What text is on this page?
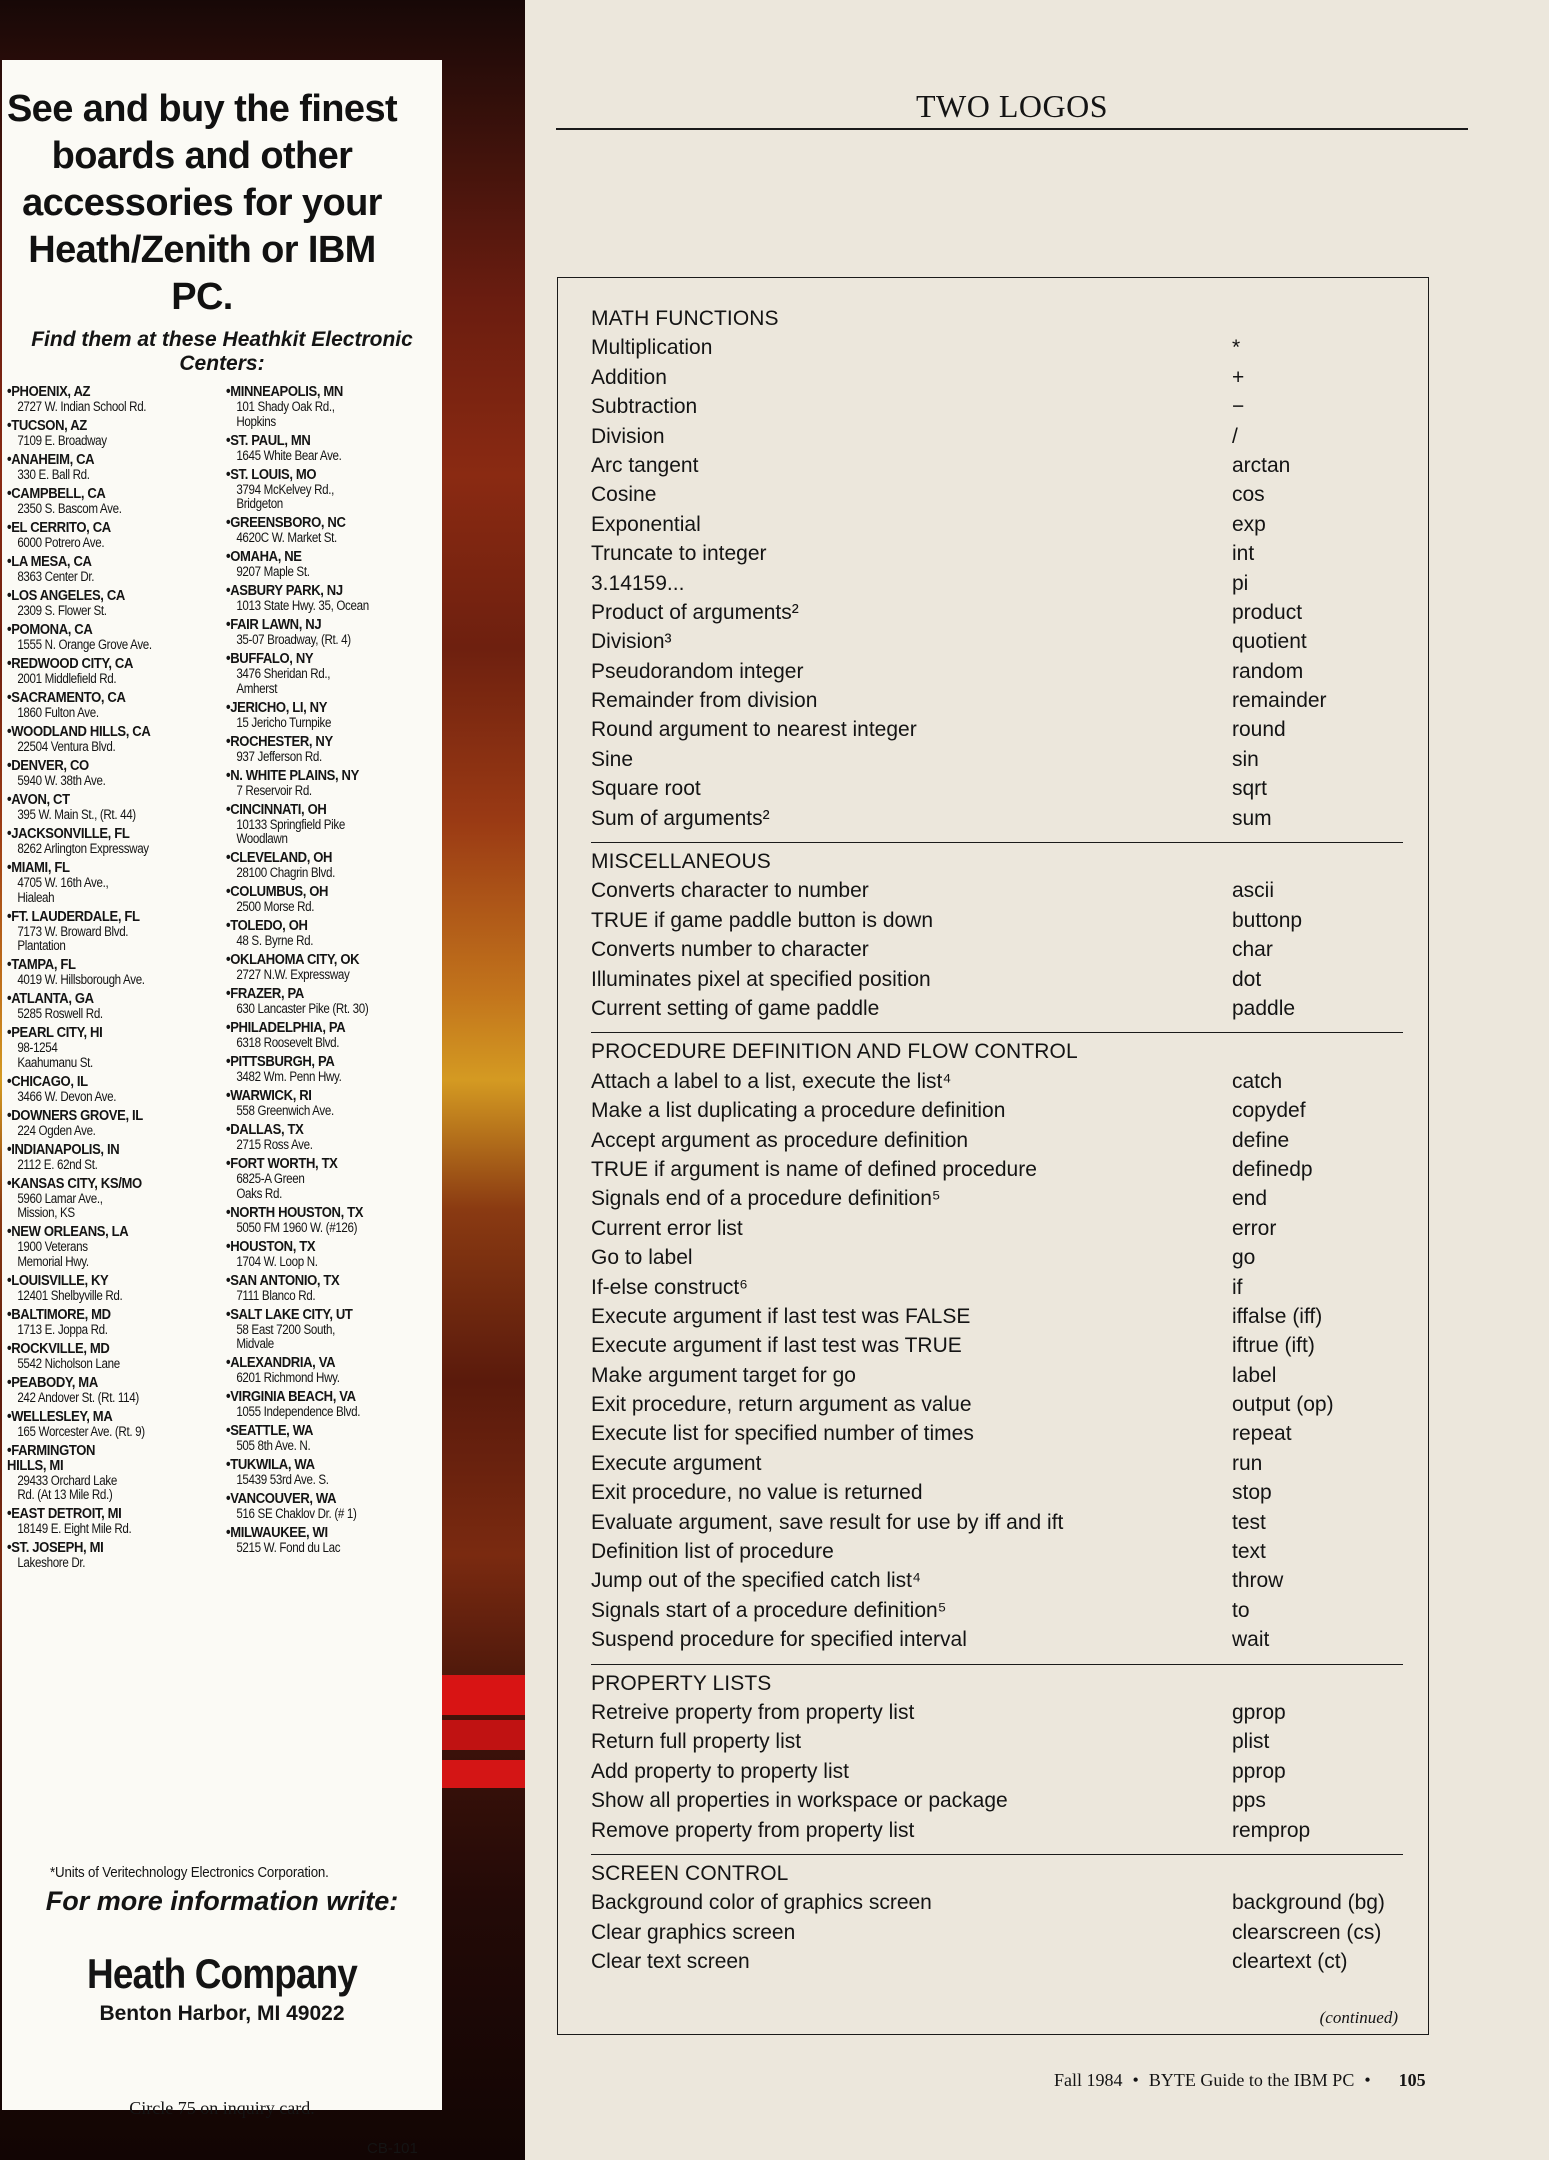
See and buy the finest boards and other accessories for your Heath/Zenith or IBM PC.
Find them at these Heathkit Electronic Centers:
•PHOENIX, AZ
2727 W. Indian School Rd.
•TUCSON, AZ
7109 E. Broadway
•ANAHEIM, CA
330 E. Ball Rd.
•CAMPBELL, CA
2350 S. Bascom Ave.
•EL CERRITO, CA
6000 Potrero Ave.
•LA MESA, CA
8363 Center Dr.
•LOS ANGELES, CA
2309 S. Flower St.
•POMONA, CA
1555 N. Orange Grove Ave.
•REDWOOD CITY, CA
2001 Middlefield Rd.
•SACRAMENTO, CA
1860 Fulton Ave.
•WOODLAND HILLS, CA
22504 Ventura Blvd.
•DENVER, CO
5940 W. 38th Ave.
•AVON, CT
395 W. Main St., (Rt. 44)
•JACKSONVILLE, FL
8262 Arlington Expressway
•MIAMI, FL
4705 W. 16th Ave.,
Hialeah
•FT. LAUDERDALE, FL
7173 W. Broward Blvd.
Plantation
•TAMPA, FL
4019 W. Hillsborough Ave.
•ATLANTA, GA
5285 Roswell Rd.
•PEARL CITY, HI
98-1254
Kaahumanu St.
•CHICAGO, IL
3466 W. Devon Ave.
•DOWNERS GROVE, IL
224 Ogden Ave.
•INDIANAPOLIS, IN
2112 E. 62nd St.
•KANSAS CITY, KS/MO
5960 Lamar Ave.,
Mission, KS
•NEW ORLEANS, LA
1900 Veterans
Memorial Hwy.
•LOUISVILLE, KY
12401 Shelbyville Rd.
•BALTIMORE, MD
1713 E. Joppa Rd.
•ROCKVILLE, MD
5542 Nicholson Lane
•PEABODY, MA
242 Andover St. (Rt. 114)
•WELLESLEY, MA
165 Worcester Ave. (Rt. 9)
•FARMINGTON
HILLS, MI
29433 Orchard Lake
Rd. (At 13 Mile Rd.)
•EAST DETROIT, MI
18149 E. Eight Mile Rd.
•ST. JOSEPH, MI
Lakeshore Dr.
•MINNEAPOLIS, MN
101 Shady Oak Rd.,
Hopkins
•ST. PAUL, MN
1645 White Bear Ave.
•ST. LOUIS, MO
3794 McKelvey Rd.,
Bridgeton
•GREENSBORO, NC
4620C W. Market St.
•OMAHA, NE
9207 Maple St.
•ASBURY PARK, NJ
1013 State Hwy. 35, Ocean
•FAIR LAWN, NJ
35-07 Broadway, (Rt. 4)
•BUFFALO, NY
3476 Sheridan Rd.,
Amherst
•JERICHO, LI, NY
15 Jericho Turnpike
•ROCHESTER, NY
937 Jefferson Rd.
•N. WHITE PLAINS, NY
7 Reservoir Rd.
•CINCINNATI, OH
10133 Springfield Pike
Woodlawn
•CLEVELAND, OH
28100 Chagrin Blvd.
•COLUMBUS, OH
2500 Morse Rd.
•TOLEDO, OH
48 S. Byrne Rd.
•OKLAHOMA CITY, OK
2727 N.W. Expressway
•FRAZER, PA
630 Lancaster Pike (Rt. 30)
•PHILADELPHIA, PA
6318 Roosevelt Blvd.
•PITTSBURGH, PA
3482 Wm. Penn Hwy.
•WARWICK, RI
558 Greenwich Ave.
•DALLAS, TX
2715 Ross Ave.
•FORT WORTH, TX
6825-A Green
Oaks Rd.
•NORTH HOUSTON, TX
5050 FM 1960 W. (#126)
•HOUSTON, TX
1704 W. Loop N.
•SAN ANTONIO, TX
7111 Blanco Rd.
•SALT LAKE CITY, UT
58 East 7200 South,
Midvale
•ALEXANDRIA, VA
6201 Richmond Hwy.
•VIRGINIA BEACH, VA
1055 Independence Blvd.
•SEATTLE, WA
505 8th Ave. N.
•TUKWILA, WA
15439 53rd Ave. S.
•VANCOUVER, WA
516 SE Chaklov Dr. (# 1)
•MILWAUKEE, WI
5215 W. Fond du Lac
*Units of Veritechnology Electronics Corporation.
For more information write:
Heath Company
Benton Harbor, MI 49022
Circle 75 on inquiry card.
CB-101
TWO LOGOS
MATH FUNCTIONS
Multiplication	*
Addition	+
Subtraction	−
Division	/
Arc tangent	arctan
Cosine	cos
Exponential	exp
Truncate to integer	int
3.14159...	pi
Product of arguments²	product
Division³	quotient
Pseudorandom integer	random
Remainder from division	remainder
Round argument to nearest integer	round
Sine	sin
Square root	sqrt
Sum of arguments²	sum
MISCELLANEOUS
Converts character to number	ascii
TRUE if game paddle button is down	buttonp
Converts number to character	char
Illuminates pixel at specified position	dot
Current setting of game paddle	paddle
PROCEDURE DEFINITION AND FLOW CONTROL
Attach a label to a list, execute the list⁴	catch
Make a list duplicating a procedure definition	copydef
Accept argument as procedure definition	define
TRUE if argument is name of defined procedure	definedp
Signals end of a procedure definition⁵	end
Current error list	error
Go to label	go
If-else construct⁶	if
Execute argument if last test was FALSE	iffalse (iff)
Execute argument if last test was TRUE	iftrue (ift)
Make argument target for go	label
Exit procedure, return argument as value	output (op)
Execute list for specified number of times	repeat
Execute argument	run
Exit procedure, no value is returned	stop
Evaluate argument, save result for use by iff and ift	test
Definition list of procedure	text
Jump out of the specified catch list⁴	throw
Signals start of a procedure definition⁵	to
Suspend procedure for specified interval	wait
PROPERTY LISTS
Retreive property from property list	gprop
Return full property list	plist
Add property to property list	pprop
Show all properties in workspace or package	pps
Remove property from property list	remprop
SCREEN CONTROL
Background color of graphics screen	background (bg)
Clear graphics screen	clearscreen (cs)
Clear text screen	cleartext (ct)
(continued)
Fall 1984 • BYTE Guide to the IBM PC • 105
